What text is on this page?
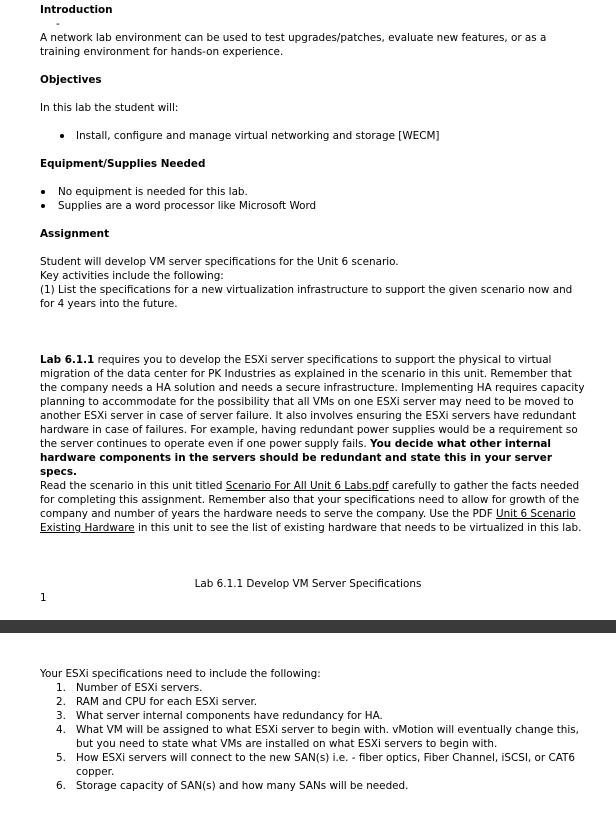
Introduction
-
A network lab environment can be used to test upgrades/patches, evaluate new features, or as a training environment for hands-on experience.
Objectives
In this lab the student will:
Install, configure and manage virtual networking and storage [WECM]
Equipment/Supplies Needed
No equipment is needed for this lab.
Supplies are a word processor like Microsoft Word
Assignment
Student will develop VM server specifications for the Unit 6 scenario.
Key activities include the following:
(1) List the specifications for a new virtualization infrastructure to support the given scenario now and for 4 years into the future.
Lab 6.1.1 requires you to develop the ESXi server specifications to support the physical to virtual migration of the data center for PK Industries as explained in the scenario in this unit. Remember that the company needs a HA solution and needs a secure infrastructure. Implementing HA requires capacity planning to accommodate for the possibility that all VMs on one ESXi server may need to be moved to another ESXi server in case of server failure. It also involves ensuring the ESXi servers have redundant hardware in case of failures. For example, having redundant power supplies would be a requirement so the server continues to operate even if one power supply fails. You decide what other internal hardware components in the servers should be redundant and state this in your server specs.
Read the scenario in this unit titled Scenario For All Unit 6 Labs.pdf carefully to gather the facts needed for completing this assignment. Remember also that your specifications need to allow for growth of the company and number of years the hardware needs to serve the company. Use the PDF Unit 6 Scenario Existing Hardware in this unit to see the list of existing hardware that needs to be virtualized in this lab.
Lab 6.1.1 Develop VM Server Specifications
1
Your ESXi specifications need to include the following:
1. Number of ESXi servers.
2. RAM and CPU for each ESXi server.
3. What server internal components have redundancy for HA.
4. What VM will be assigned to what ESXi server to begin with. vMotion will eventually change this, but you need to state what VMs are installed on what ESXi servers to begin with.
5. How ESXi servers will connect to the new SAN(s) i.e. - fiber optics, Fiber Channel, iSCSI, or CAT6 copper.
6. Storage capacity of SAN(s) and how many SANs will be needed.
